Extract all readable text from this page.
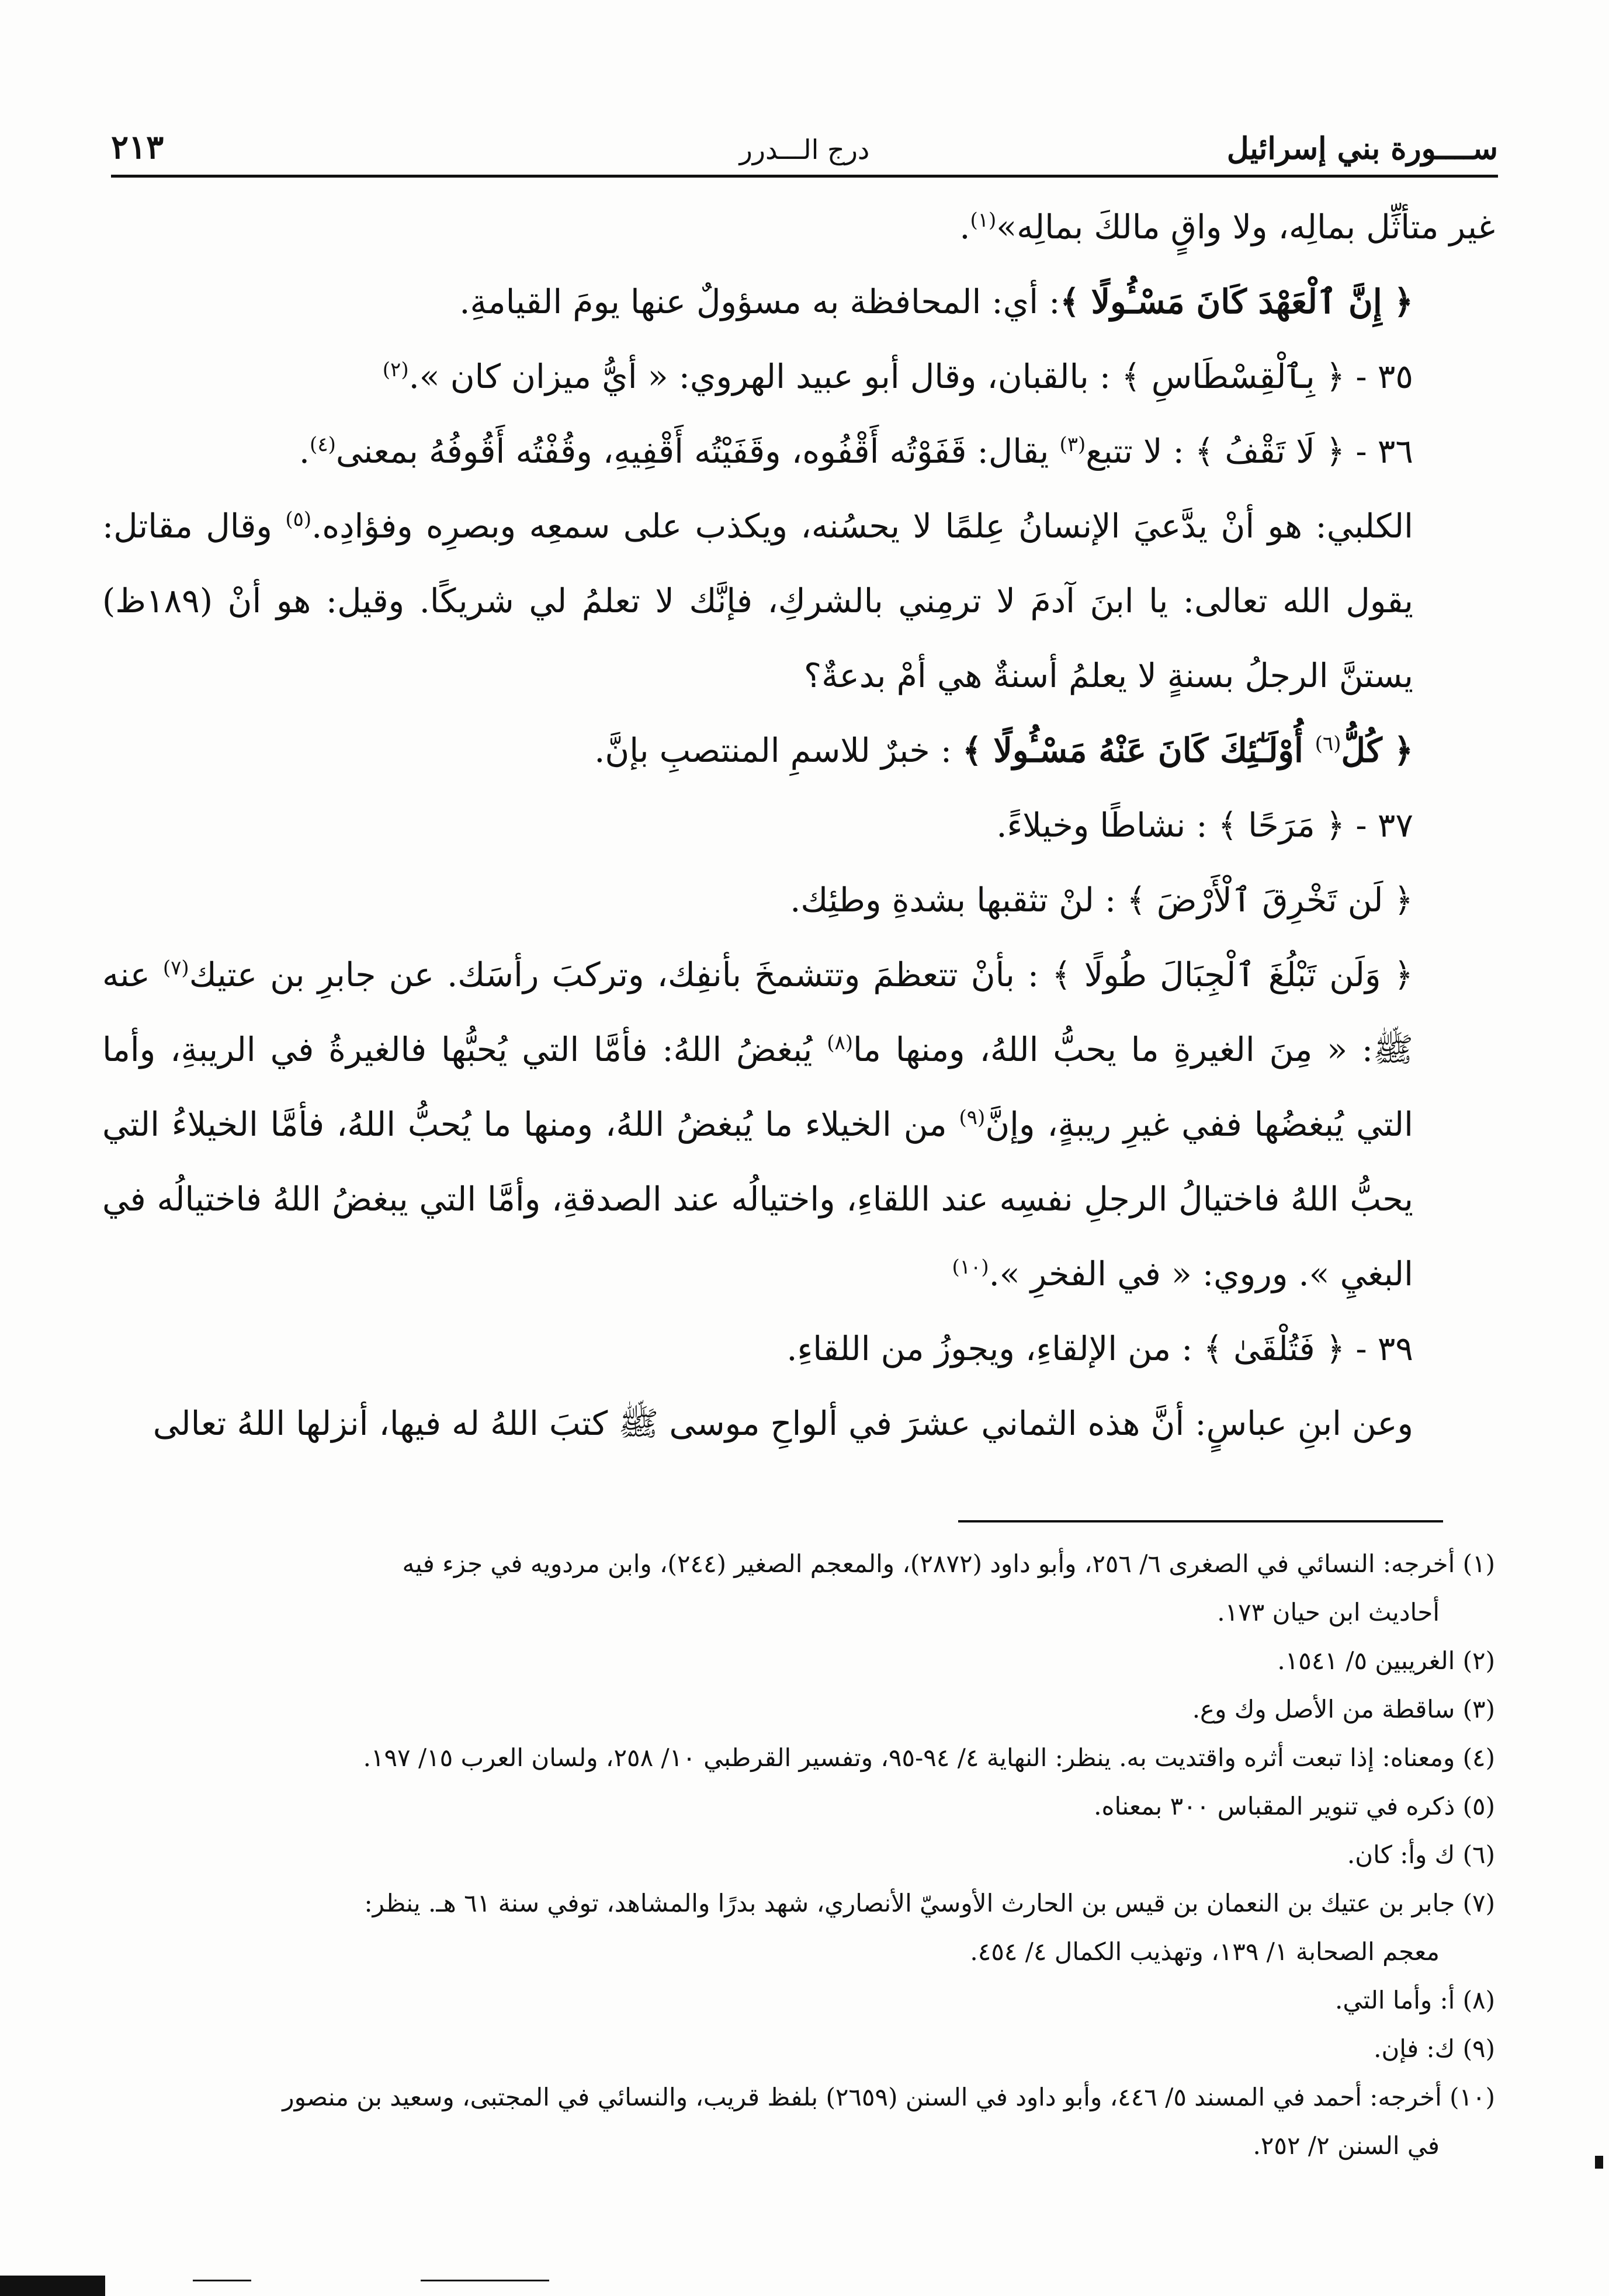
ســــورة بني إسرائيل
درج الـــدرر
٢١٣

غير متأثِّل بمالِه، ولا واقٍ مالكَ بمالِه»$^{(١)}$.

﴿ إِنَّ ٱلْعَهْدَ كَانَ مَسْـُٔولًا ﴾: أي: المحافظة به مسؤولٌ عنها يومَ القيامةِ.

٣٥ - ﴿ بِٱلْقِسْطَاسِ ﴾ : بالقبان، وقال أبو عبيد الهروي: « أيُّ ميزان كان ».$^{(٢)}$

٣٦ - ﴿ لَا تَقْفُ ﴾ : لا تتبع$^{(٣)}$ يقال: قَفَوْتُه أَقْفُوه، وقَفَيْتُه أَقْفِيهِ، وقُفْتُه أَقُوفُهُ بمعنى$^{(٤)}$.

الكلبي: هو أنْ يدَّعيَ الإنسانُ عِلمًا لا يحسُنه، ويكذب على سمعِه وبصرِه وفؤادِه.$^{(٥)}$ وقال مقاتل: يقول الله تعالى: يا ابنَ آدمَ لا ترمِني بالشركِ، فإنَّك لا تعلمُ لي شريكًا. وقيل: هو أنْ (١٨٩ظ) يستنَّ الرجلُ بسنةٍ لا يعلمُ أسنةٌ هي أمْ بدعةٌ؟

﴿ كُلُّ$^{(٦)}$ أُوْلَـٰٓئِكَ كَانَ عَنْهُ مَسْـُٔولًا ﴾ : خبرٌ للاسمِ المنتصبِ بإنَّ.

٣٧ - ﴿ مَرَحًا ﴾ : نشاطًا وخيلاءً.

﴿ لَن تَخْرِقَ ٱلْأَرْضَ ﴾ : لنْ تثقبها بشدةِ وطئِك.

﴿ وَلَن تَبْلُغَ ٱلْجِبَالَ طُولًا ﴾ : بأنْ تتعظمَ وتتشمخَ بأنفِك، وتركبَ رأسَك. عن جابرِ بن عتيك$^{(٧)}$ عنه ﷺ: « مِنَ الغيرةِ ما يحبُّ اللهُ، ومنها ما$^{(٨)}$ يُبغضُ اللهُ: فأمَّا التي يُحبُّها فالغيرةُ في الريبةِ، وأما التي يُبغضُها ففي غيرِ ريبةٍ، وإنَّ$^{(٩)}$ من الخيلاء ما يُبغضُ اللهُ، ومنها ما يُحبُّ اللهُ، فأمَّا الخيلاءُ التي يحبُّ اللهُ فاختيالُ الرجلِ نفسِه عند اللقاءِ، واختيالُه عند الصدقةِ، وأمَّا التي يبغضُ اللهُ فاختيالُه في البغيِ ». وروي: « في الفخرِ ».$^{(١٠)}$

٣٩ - ﴿ فَتُلْقَىٰ ﴾ : من الإلقاءِ، ويجوزُ من اللقاءِ.

وعن ابنِ عباسٍ: أنَّ هذه الثماني عشرَ في ألواحِ موسى ﷺ كتبَ اللهُ له فيها، أنزلها اللهُ تعالى

(١) أخرجه: النسائي في الصغرى ٦/ ٢٥٦، وأبو داود (٢٨٧٢)، والمعجم الصغير (٢٤٤)، وابن مردويه في جزء فيه
أحاديث ابن حيان ١٧٣.

(٢) الغريبين ٥/ ١٥٤١.

(٣) ساقطة من الأصل وك وع.

(٤) ومعناه: إذا تبعت أثره واقتديت به. ينظر: النهاية ٤/ ٩٤-٩٥، وتفسير القرطبي ١٠/ ٢٥٨، ولسان العرب ١٥/ ١٩٧.

(٥) ذكره في تنوير المقباس ٣٠٠ بمعناه.

(٦) ك وأ: كان.

(٧) جابر بن عتيك بن النعمان بن قيس بن الحارث الأوسيّ الأنصاري، شهد بدرًا والمشاهد، توفي سنة ٦١ هـ. ينظر:
معجم الصحابة ١/ ١٣٩، وتهذيب الكمال ٤/ ٤٥٤.

(٨) أ: وأما التي.

(٩) ك: فإن.

(١٠) أخرجه: أحمد في المسند ٥/ ٤٤٦، وأبو داود في السنن (٢٦٥٩) بلفظ قريب، والنسائي في المجتبى، وسعيد بن منصور
في السنن ٢/ ٢٥٢.
